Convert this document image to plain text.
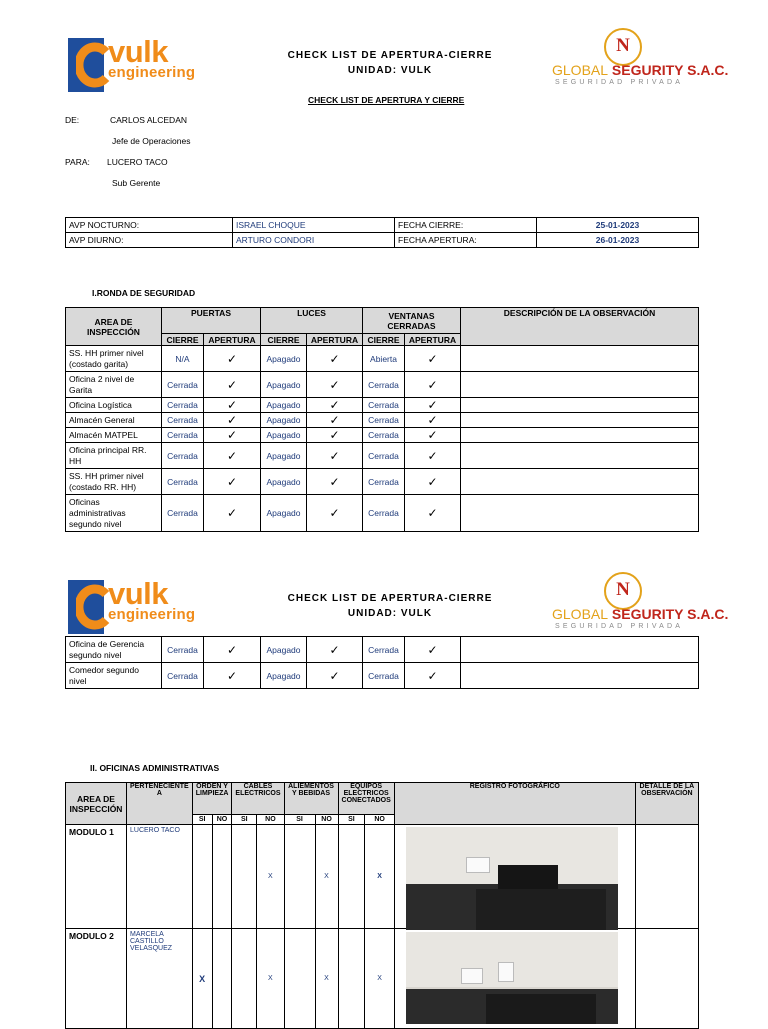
vulk
engineering
CHECK LIST DE APERTURA-CIERRE
UNIDAD: VULK
N
GLOBAL SEGURITY S.A.C.
SEGURIDAD PRIVADA
CHECK LIST DE APERTURA Y CIERRE
DE:	CARLOS ALCEDAN
Jefe de Operaciones
PARA: LUCERO TACO
Sub Gerente
AVP NOCTURNO:	ISRAEL CHOQUE	FECHA CIERRE:	25-01-2023
AVP DIURNO:	ARTURO CONDORI	FECHA APERTURA:	26-01-2023
I.RONDA DE SEGURIDAD
AREA DE INSPECCIÓN	PUERTAS		LUCES		VENTANAS CERRADAS		DESCRIPCIÓN DE LA OBSERVACIÓN
	CIERRE	APERTURA	CIERRE	APERTURA	CIERRE	APERTURA	
SS. HH primer nivel (costado garita)	N/A	✓	Apagado	✓	Abierta	✓	
Oficina 2 nivel de Garita	Cerrada	✓	Apagado	✓	Cerrada	✓	
Oficina Logística	Cerrada	✓	Apagado	✓	Cerrada	✓	
Almacén General	Cerrada	✓	Apagado	✓	Cerrada	✓	
Almacén MATPEL	Cerrada	✓	Apagado	✓	Cerrada	✓	
Oficina principal RR. HH	Cerrada	✓	Apagado	✓	Cerrada	✓	
SS. HH primer nivel (costado RR. HH)	Cerrada	✓	Apagado	✓	Cerrada	✓	
Oficinas administrativas segundo nivel	Cerrada	✓	Apagado	✓	Cerrada	✓	
vulk
engineering
CHECK LIST DE APERTURA-CIERRE
UNIDAD: VULK
N
GLOBAL SEGURITY S.A.C.
SEGURIDAD PRIVADA
Oficina de Gerencia segundo nivel	Cerrada	✓	Apagado	✓	Cerrada	✓	
Comedor segundo nivel	Cerrada	✓	Apagado	✓	Cerrada	✓	
II. OFICINAS ADMINISTRATIVAS
AREA DE INSPECCIÓN	PERTENECIENTE A	ORDEN Y LIMPIEZA		CABLES ELECTRICOS		ALIEMENTOS Y BEBIDAS		EQUIPOS ELECTRICOS CONECTADOS		REGISTRO FOTOGRÁFICO	DETALLE DE LA OBSERVACIÓN
		SI	NO	SI	NO	SI	NO	SI	NO		
MODULO 1	LUCERO TACO				X		X		X		
MODULO 2	MARCELA CASTILLO VELASQUEZ	X			X		X		X		
